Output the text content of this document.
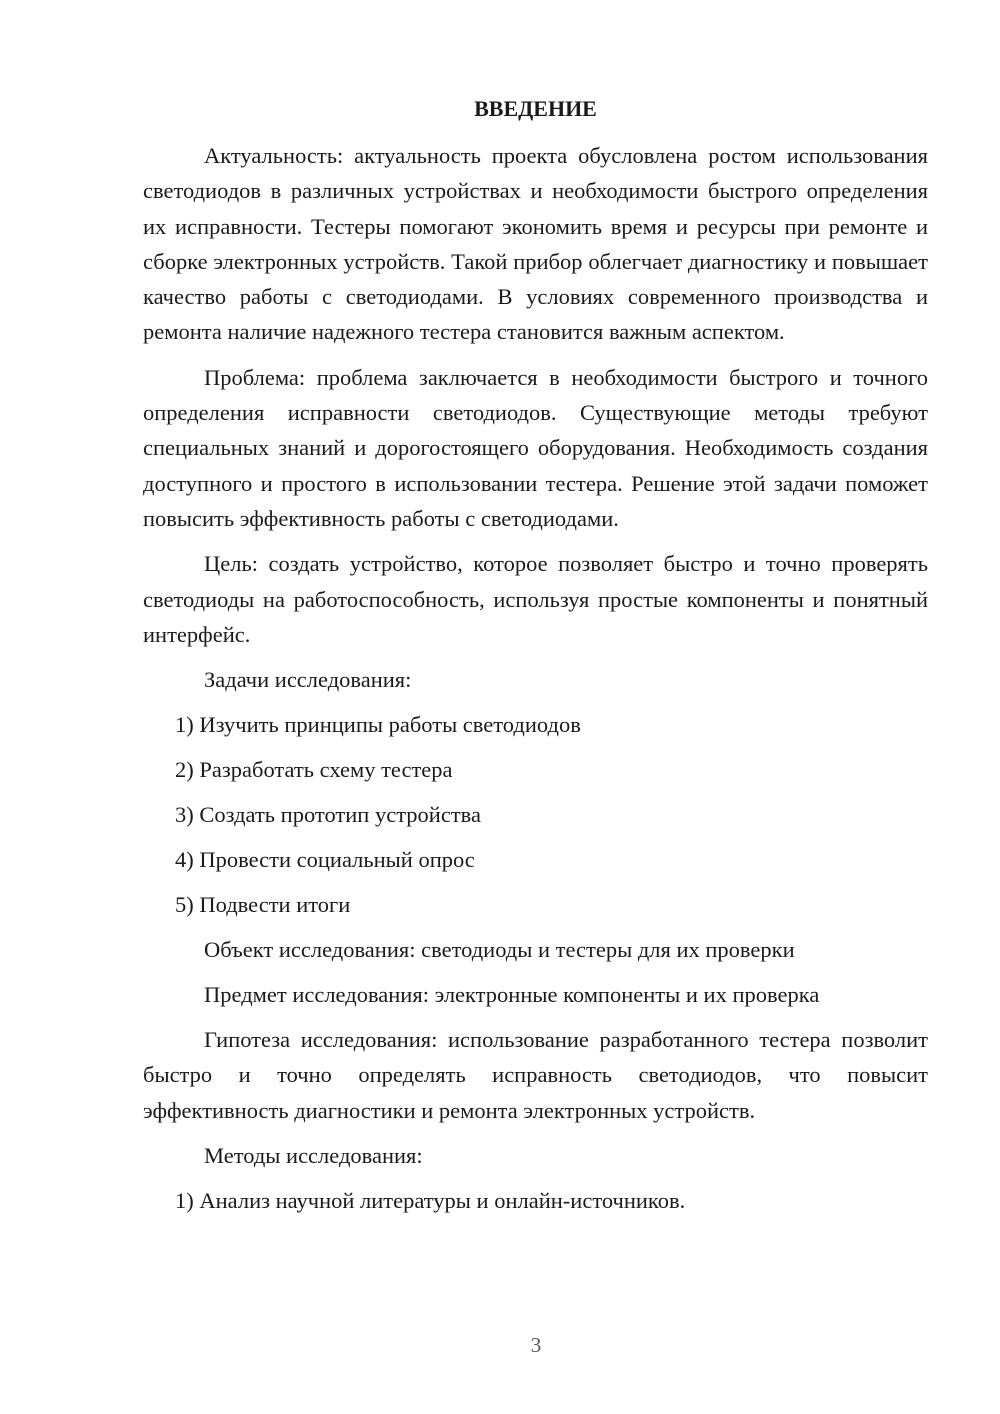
ВВЕДЕНИЕ

Актуальность: актуальность проекта обусловлена ростом использования светодиодов в различных устройствах и необходимости быстрого определения их исправности. Тестеры помогают экономить время и ресурсы при ремонте и сборке электронных устройств. Такой прибор облегчает диагностику и повышает качество работы с светодиодами. В условиях современного производства и ремонта наличие надежного тестера становится важным аспектом.

Проблема: проблема заключается в необходимости быстрого и точного определения исправности светодиодов. Существующие методы требуют специальных знаний и дорогостоящего оборудования. Необходимость создания доступного и простого в использовании тестера. Решение этой задачи поможет повысить эффективность работы с светодиодами.

Цель: создать устройство, которое позволяет быстро и точно проверять светодиоды на работоспособность, используя простые компоненты и понятный интерфейс.

Задачи исследования:
1) Изучить принципы работы светодиодов
2) Разработать схему тестера
3) Создать прототип устройства
4) Провести социальный опрос
5) Подвести итоги
Объект исследования: светодиоды и тестеры для их проверки
Предмет исследования: электронные компоненты и их проверка

Гипотеза исследования: использование разработанного тестера позволит быстро и точно определять исправность светодиодов, что повысит эффективность диагностики и ремонта электронных устройств.

Методы исследования:
1) Анализ научной литературы и онлайн-источников.
3
